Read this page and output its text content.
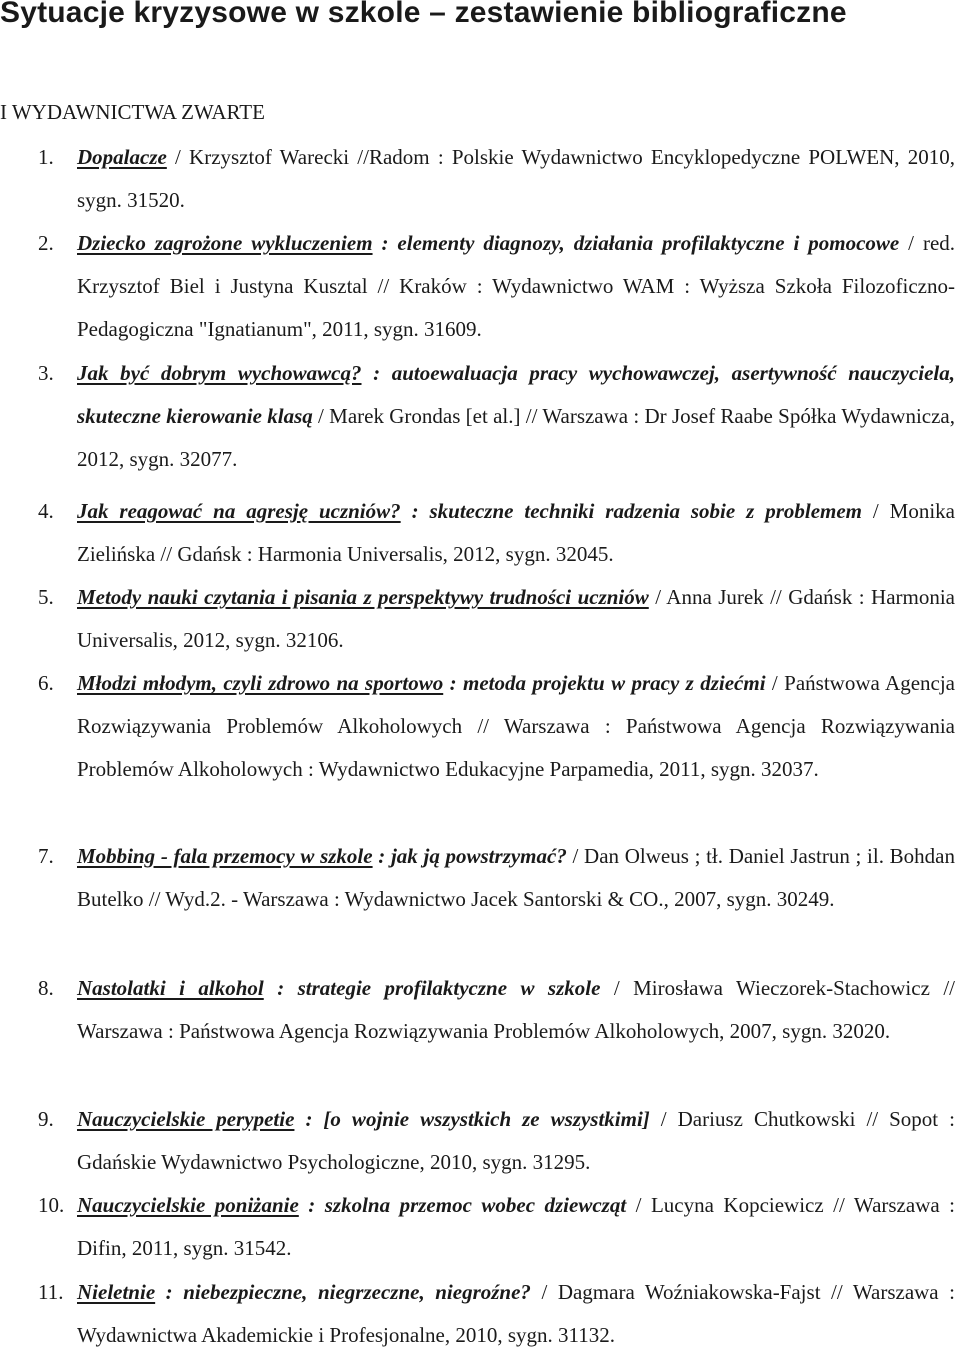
Sytuacje kryzysowe w szkole – zestawienie bibliograficzne
I WYDAWNICTWA ZWARTE
1. Dopalacze / Krzysztof Warecki //Radom : Polskie Wydawnictwo Encyklopedyczne POLWEN, 2010, sygn. 31520.
2. Dziecko zagrożone wykluczeniem : elementy diagnozy, działania profilaktyczne i pomocowe / red. Krzysztof Biel i Justyna Kusztal // Kraków : Wydawnictwo WAM : Wyższa Szkoła Filozoficzno-Pedagogiczna "Ignatianum", 2011, sygn. 31609.
3. Jak być dobrym wychowawcą? : autoewaluacja pracy wychowawczej, asertywność nauczyciela, skuteczne kierowanie klasą / Marek Grondas [et al.] // Warszawa : Dr Josef Raabe Spółka Wydawnicza, 2012, sygn. 32077.
4. Jak reagować na agresję uczniów? : skuteczne techniki radzenia sobie z problemem / Monika Zielińska // Gdańsk : Harmonia Universalis, 2012, sygn. 32045.
5. Metody nauki czytania i pisania z perspektywy trudności uczniów / Anna Jurek // Gdańsk : Harmonia Universalis, 2012, sygn. 32106.
6. Młodzi młodym, czyli zdrowo na sportowo : metoda projektu w pracy z dziećmi / Państwowa Agencja Rozwiązywania Problemów Alkoholowych // Warszawa : Państwowa Agencja Rozwiązywania Problemów Alkoholowych : Wydawnictwo Edukacyjne Parpamedia, 2011, sygn. 32037.
7. Mobbing - fala przemocy w szkole : jak ją powstrzymać? / Dan Olweus ; tł. Daniel Jastrun ; il. Bohdan Butelko // Wyd.2. - Warszawa : Wydawnictwo Jacek Santorski & CO., 2007, sygn. 30249.
8. Nastolatki i alkohol : strategie profilaktyczne w szkole / Mirosława Wieczorek-Stachowicz // Warszawa : Państwowa Agencja Rozwiązywania Problemów Alkoholowych, 2007, sygn. 32020.
9. Nauczycielskie perypetie : [o wojnie wszystkich ze wszystkimi] / Dariusz Chutkowski // Sopot : Gdańskie Wydawnictwo Psychologiczne, 2010, sygn. 31295.
10. Nauczycielskie poniżanie : szkolna przemoc wobec dziewcząt / Lucyna Kopciewicz // Warszawa : Difin, 2011, sygn. 31542.
11. Nieletnie : niebezpieczne, niegrzeczne, niegroźne? / Dagmara Woźniakowska-Fajst // Warszawa : Wydawnictwa Akademickie i Profesjonalne, 2010, sygn. 31132.
